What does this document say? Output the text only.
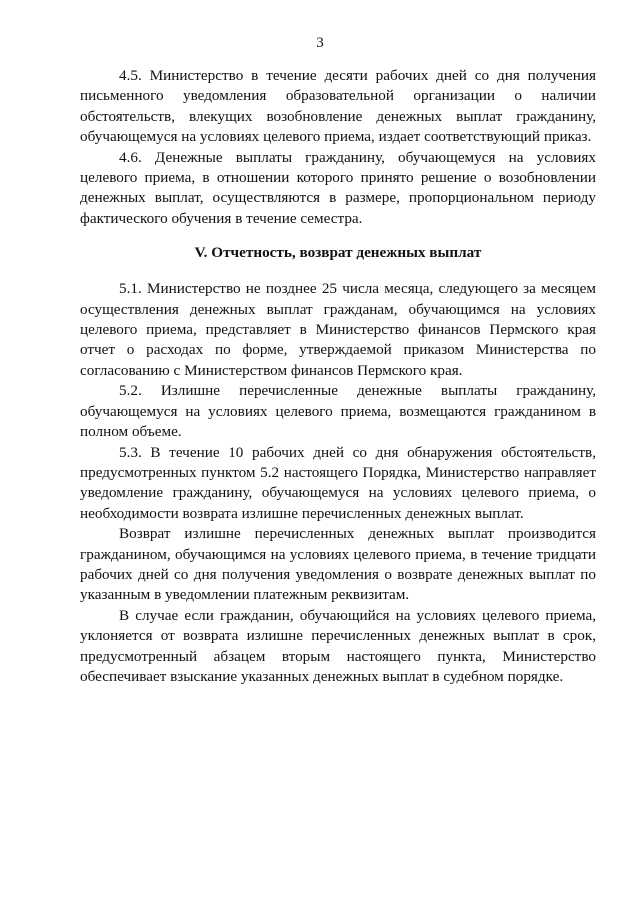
3

4.5. Министерство в течение десяти рабочих дней со дня получения письменного уведомления образовательной организации о наличии обстоятельств, влекущих возобновление денежных выплат гражданину, обучающемуся на условиях целевого приема, издает соответствующий приказ.

4.6. Денежные выплаты гражданину, обучающемуся на условиях целевого приема, в отношении которого принято решение о возобновлении денежных выплат, осуществляются в размере, пропорциональном периоду фактического обучения в течение семестра.

V. Отчетность, возврат денежных выплат

5.1. Министерство не позднее 25 числа месяца, следующего за месяцем осуществления денежных выплат гражданам, обучающимся на условиях целевого приема, представляет в Министерство финансов Пермского края отчет о расходах по форме, утверждаемой приказом Министерства по согласованию с Министерством финансов Пермского края.

5.2. Излишне перечисленные денежные выплаты гражданину, обучающемуся на условиях целевого приема, возмещаются гражданином в полном объеме.

5.3. В течение 10 рабочих дней со дня обнаружения обстоятельств, предусмотренных пунктом 5.2 настоящего Порядка, Министерство направляет уведомление гражданину, обучающемуся на условиях целевого приема, о необходимости возврата излишне перечисленных денежных выплат.

Возврат излишне перечисленных денежных выплат производится гражданином, обучающимся на условиях целевого приема, в течение тридцати рабочих дней со дня получения уведомления о возврате денежных выплат по указанным в уведомлении платежным реквизитам.

В случае если гражданин, обучающийся на условиях целевого приема, уклоняется от возврата излишне перечисленных денежных выплат в срок, предусмотренный абзацем вторым настоящего пункта, Министерство обеспечивает взыскание указанных денежных выплат в судебном порядке.
